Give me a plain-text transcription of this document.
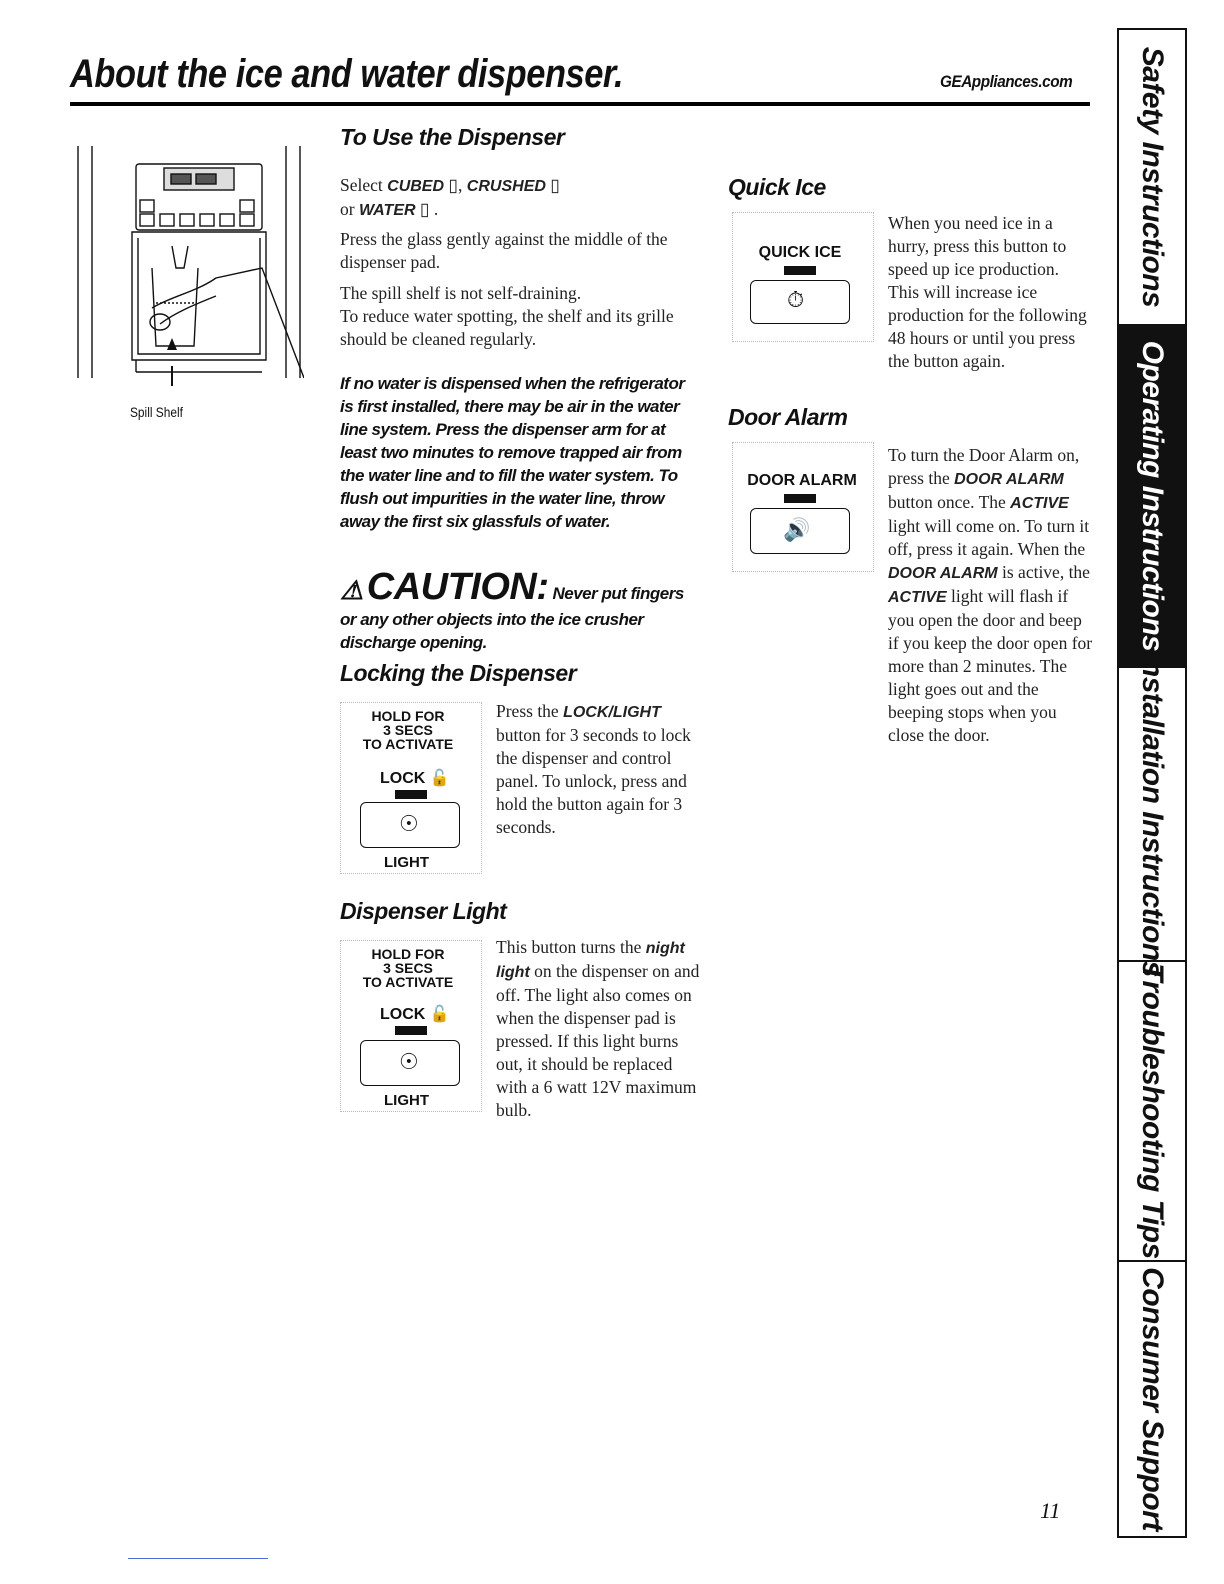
About the ice and water dispenser.	GEAppliances.com Safety Instructions
Operating Instructions
Installation Instructions
Troubleshooting Tips
Consumer Support
Spill Shelf
To Use the Dispenser

Select CUBED ▯, CRUSHED ▯
or WATER ▯ .

Press the glass gently against the middle of the dispenser pad.

The spill shelf is not self-draining.

To reduce water spotting, the shelf and its grille should be cleaned regularly.

If no water is dispensed when the refrigerator is first installed, there may be air in the water line system. Press the dispenser arm for at least two minutes to remove trapped air from the water line and to fill the water system. To flush out impurities in the water line, throw away the first six glassfuls of water.
⚠ CAUTION: Never put fingers
or any other objects into the ice crusher discharge opening.
Locking the Dispenser
HOLD FOR
3 SECS
TO ACTIVATE
LOCK 🔓
☉
LIGHT
Press the LOCK/LIGHT button for 3 seconds to lock the dispenser and control panel. To unlock, press and hold the button again for 3 seconds.
Dispenser Light
HOLD FOR
3 SECS
TO ACTIVATE
LOCK 🔓
☉
LIGHT
This button turns the night light on the dispenser on and off. The light also comes on when the dispenser pad is pressed. If this light burns out, it should be replaced with a 6 watt 12V maximum bulb.
Quick Ice
QUICK ICE
⏱
When you need ice in a hurry, press this button to speed up ice production. This will increase ice production for the following 48 hours or until you press the button again.
Door Alarm
DOOR ALARM
🔊
To turn the Door Alarm on, press the DOOR ALARM button once. The ACTIVE light will come on. To turn it off, press it again. When the DOOR ALARM is active, the ACTIVE light will flash if you open the door and beep if you keep the door open for more than 2 minutes. The light goes out and the beeping stops when you close the door.
11
